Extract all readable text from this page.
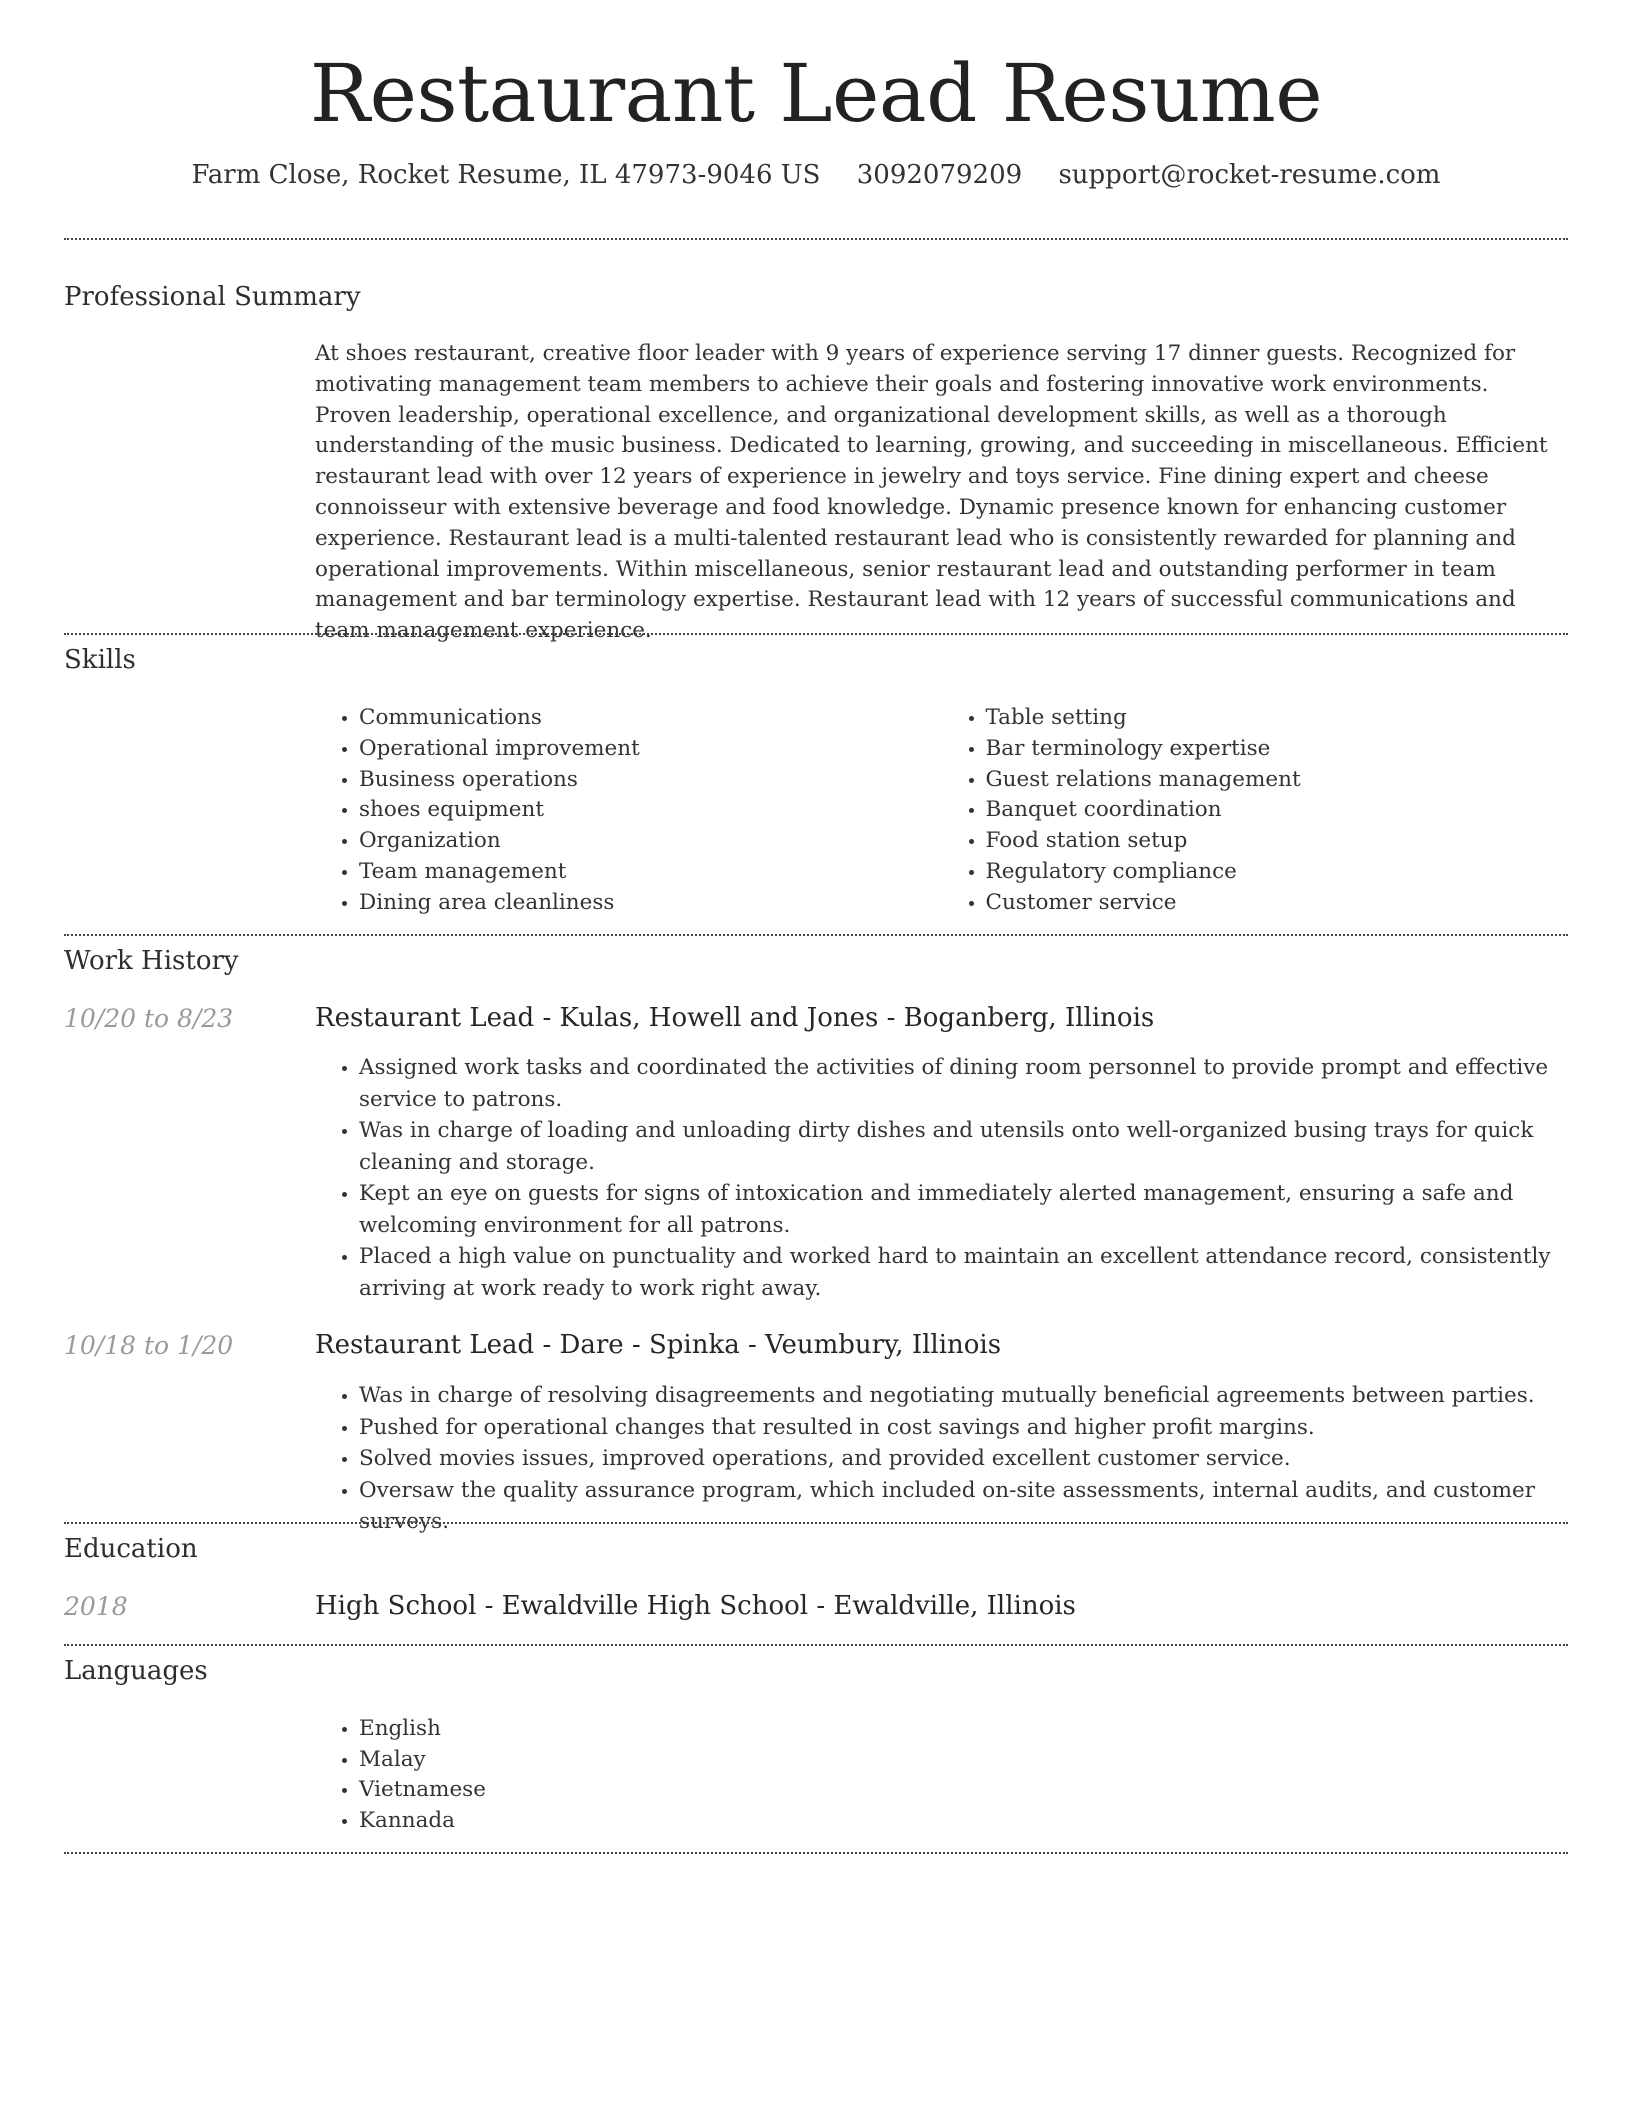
Restaurant Lead Resume
Farm Close, Rocket Resume, IL 47973-9046 US 3092079209 support@rocket-resume.com
Professional Summary
At shoes restaurant, creative floor leader with 9 years of experience serving 17 dinner guests. Recognized for motivating management team members to achieve their goals and fostering innovative work environments. Proven leadership, operational excellence, and organizational development skills, as well as a thorough understanding of the music business. Dedicated to learning, growing, and succeeding in miscellaneous. Efficient restaurant lead with over 12 years of experience in jewelry and toys service. Fine dining expert and cheese connoisseur with extensive beverage and food knowledge. Dynamic presence known for enhancing customer experience. Restaurant lead is a multi-talented restaurant lead who is consistently rewarded for planning and operational improvements. Within miscellaneous, senior restaurant lead and outstanding performer in team management and bar terminology expertise. Restaurant lead with 12 years of successful communications and team management experience.
Skills
• Communications
• Operational improvement
• Business operations
• shoes equipment
• Organization
• Team management
• Dining area cleanliness
• Table setting
• Bar terminology expertise
• Guest relations management
• Banquet coordination
• Food station setup
• Regulatory compliance
• Customer service
Work History
10/20 to 8/23	Restaurant Lead - Kulas, Howell and Jones - Boganberg, Illinois
• Assigned work tasks and coordinated the activities of dining room personnel to provide prompt and effective service to patrons.
• Was in charge of loading and unloading dirty dishes and utensils onto well-organized busing trays for quick cleaning and storage.
• Kept an eye on guests for signs of intoxication and immediately alerted management, ensuring a safe and welcoming environment for all patrons.
• Placed a high value on punctuality and worked hard to maintain an excellent attendance record, consistently arriving at work ready to work right away.
10/18 to 1/20	Restaurant Lead - Dare - Spinka - Veumbury, Illinois
• Was in charge of resolving disagreements and negotiating mutually beneficial agreements between parties.
• Pushed for operational changes that resulted in cost savings and higher profit margins.
• Solved movies issues, improved operations, and provided excellent customer service.
• Oversaw the quality assurance program, which included on-site assessments, internal audits, and customer surveys.
Education
2018	High School - Ewaldville High School - Ewaldville, Illinois
Languages
• English
• Malay
• Vietnamese
• Kannada
